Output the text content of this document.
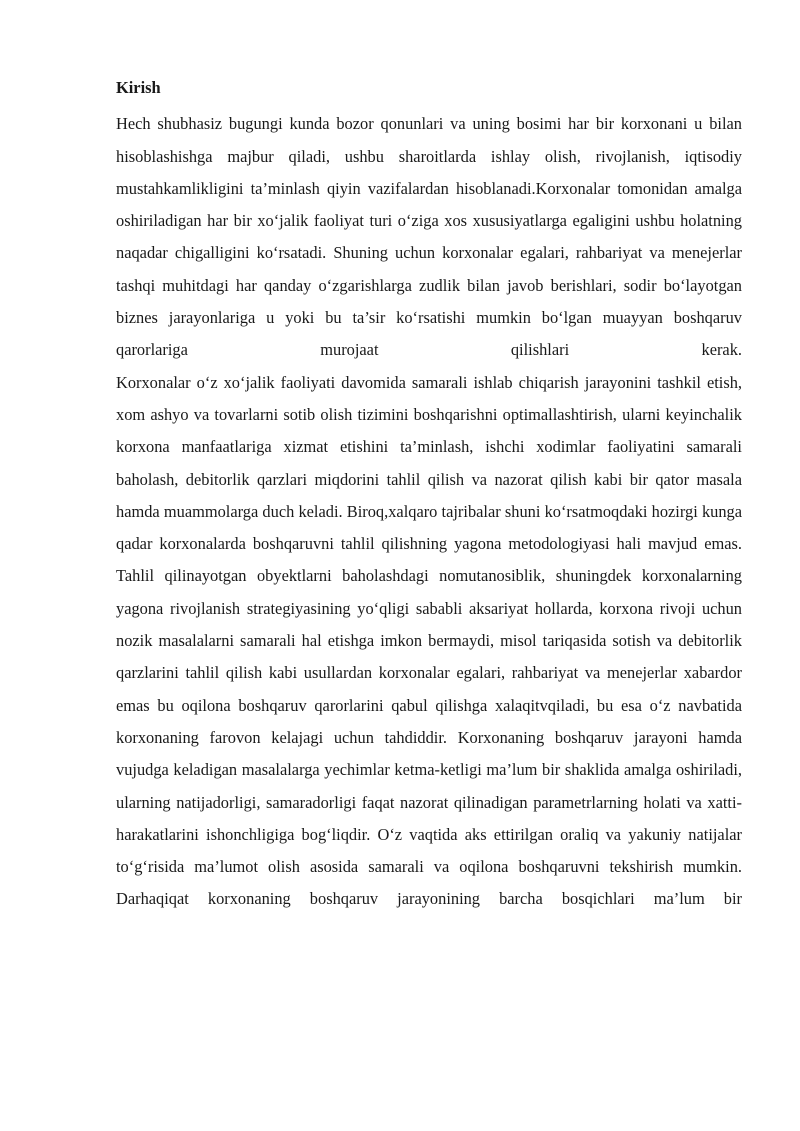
Kirish

Hech shubhasiz bugungi kunda bozor qonunlari va uning bosimi har bir korxonani u bilan hisoblashishga majbur qiladi, ushbu sharoitlarda ishlay olish, rivojlanish, iqtisodiy mustahkamlikligini ta’minlash qiyin vazifalardan hisoblanadi.Korxonalar tomonidan amalga oshiriladigan har bir xo‘jalik faoliyat turi o‘ziga xos xususiyatlarga egaligini ushbu holatning naqadar chigalligini ko‘rsatadi. Shuning uchun korxonalar egalari, rahbariyat va menejerlar tashqi muhitdagi har qanday o‘zgarishlarga zudlik bilan javob berishlari, sodir bo‘layotgan biznes jarayonlariga u yoki bu ta’sir ko‘rsatishi mumkin bo‘lgan muayyan boshqaruv qarorlariga murojaat qilishlari kerak.

Korxonalar o‘z xo‘jalik faoliyati davomida samarali ishlab chiqarish jarayonini tashkil etish, xom ashyo va tovarlarni sotib olish tizimini boshqarishni optimallashtirish, ularni keyinchalik korxona manfaatlariga xizmat etishini ta’minlash, ishchi xodimlar faoliyatini samarali baholash, debitorlik qarzlari miqdorini tahlil qilish va nazorat qilish kabi bir qator masala hamda muammolarga duch keladi. Biroq,xalqaro tajribalar shuni ko‘rsatmoqdaki hozirgi kunga qadar korxonalarda boshqaruvni tahlil qilishning yagona metodologiyasi hali mavjud emas. Tahlil qilinayotgan obyektlarni baholashdagi nomutanosiblik, shuningdek korxonalarning yagona rivojlanish strategiyasining yo‘qligi sababli aksariyat hollarda, korxona rivoji uchun nozik masalalarni samarali hal etishga imkon bermaydi, misol tariqasida sotish va debitorlik qarzlarini tahlil qilish kabi usullardan korxonalar egalari, rahbariyat va menejerlar xabardor emas bu oqilona boshqaruv qarorlarini qabul qilishga xalaqitvqiladi, bu esa o‘z navbatida korxonaning farovon kelajagi uchun tahdiddir. Korxonaning boshqaruv jarayoni hamda vujudga keladigan masalalarga yechimlar ketma-ketligi ma’lum bir shaklida amalga oshiriladi, ularning natijadorligi, samaradorligi faqat nazorat qilinadigan parametrlarning holati va xatti-harakatlarini ishonchligiga bog‘liqdir. O‘z vaqtida aks ettirilgan oraliq va yakuniy natijalar to‘g‘risida ma’lumot olish asosida samarali va oqilona boshqaruvni tekshirish mumkin.

Darhaqiqat korxonaning boshqaruv jarayonining barcha bosqichlari ma’lum bir
